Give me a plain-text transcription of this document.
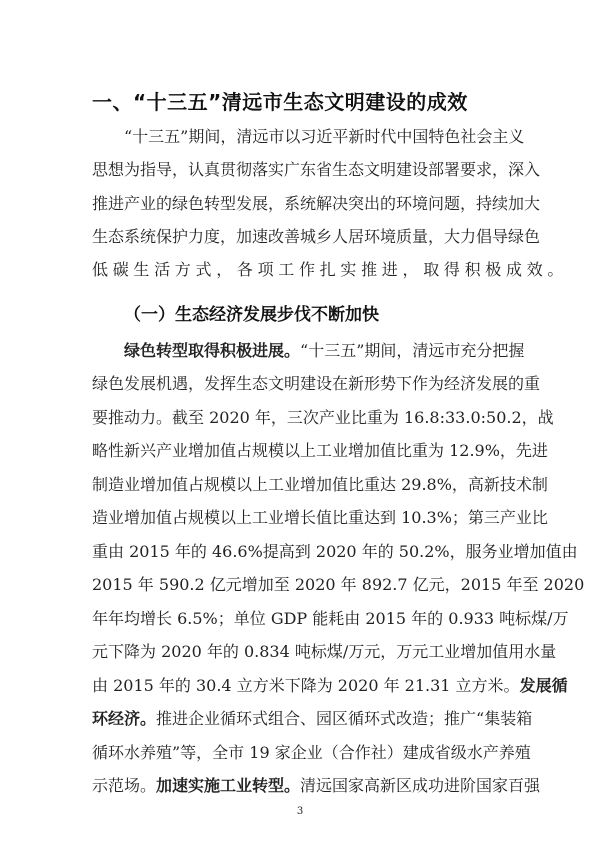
一、“十三五”清远市生态文明建设的成效
“十三五”期间，清远市以习近平新时代中国特色社会主义
思想为指导，认真贯彻落实广东省生态文明建设部署要求，深入
推进产业的绿色转型发展，系统解决突出的环境问题，持续加大
生态系统保护力度，加速改善城乡人居环境质量，大力倡导绿色
低碳生活方式，各项工作扎实推进，取得积极成效。
（一）生态经济发展步伐不断加快
绿色转型取得积极进展。“十三五”期间，清远市充分把握
绿色发展机遇，发挥生态文明建设在新形势下作为经济发展的重
要推动力。截至 2020 年，三次产业比重为 16.8:33.0:50.2，战
略性新兴产业增加值占规模以上工业增加值比重为 12.9%，先进
制造业增加值占规模以上工业增加值比重达 29.8%，高新技术制
造业增加值占规模以上工业增长值比重达到 10.3%；第三产业比
重由 2015 年的 46.6%提高到 2020 年的 50.2%，服务业增加值由
2015 年 590.2 亿元增加至 2020 年 892.7 亿元，2015 年至 2020
年年均增长 6.5%；单位 GDP 能耗由 2015 年的 0.933 吨标煤/万
元下降为 2020 年的 0.834 吨标煤/万元，万元工业增加值用水量
由 2015 年的 30.4 立方米下降为 2020 年 21.31 立方米。发展循
环经济。推进企业循环式组合、园区循环式改造；推广“集装箱
循环水养殖”等，全市 19 家企业（合作社）建成省级水产养殖
示范场。加速实施工业转型。清远国家高新区成功进阶国家百强
3
